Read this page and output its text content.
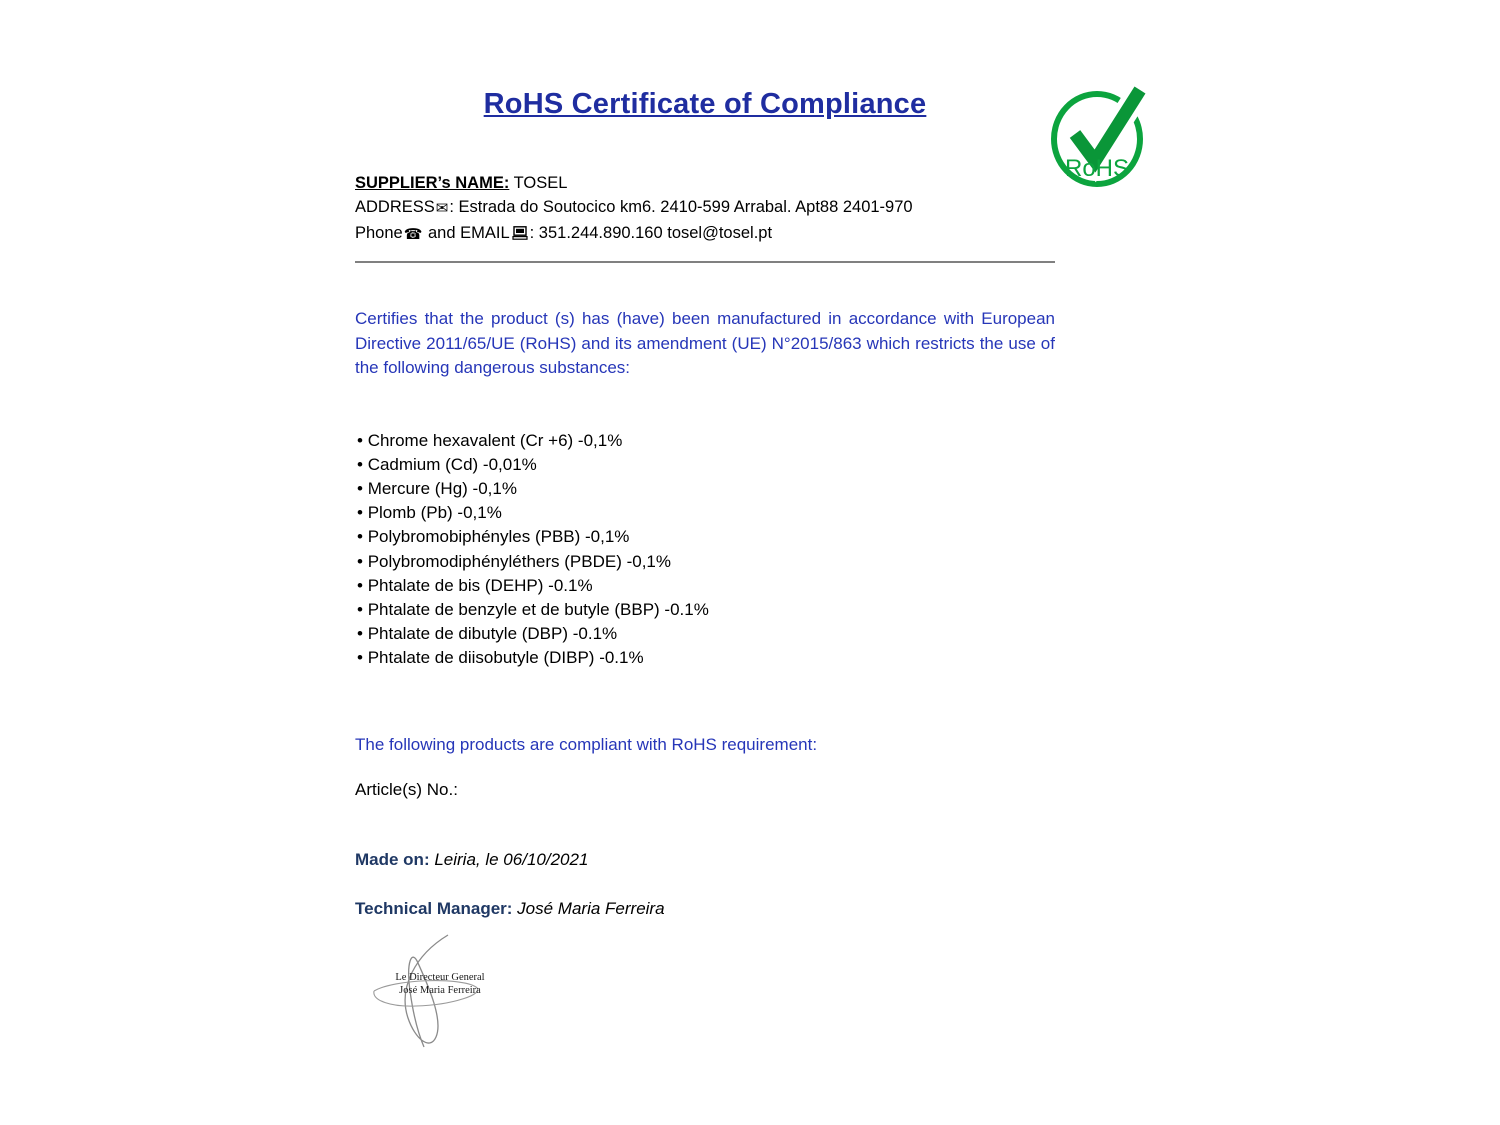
RoHS
RoHS Certificate of Compliance
SUPPLIER’s NAME: TOSEL
ADDRESS✉: Estrada do Soutocico km6. 2410-599 Arrabal. Apt88 2401-970
Phone☎ and EMAIL : 351.244.890.160 tosel@tosel.pt

Certifies that the product (s) has (have) been manufactured in accordance with European Directive 2011/65/UE (RoHS) and its amendment (UE) N°2015/863 which restricts the use of the following dangerous substances:

• Chrome hexavalent (Cr +6) -0,1%
• Cadmium (Cd) -0,01%
• Mercure (Hg) -0,1%
• Plomb (Pb) -0,1%
• Polybromobiphényles (PBB) -0,1%
• Polybromodiphényléthers (PBDE) -0,1%
• Phtalate de bis (DEHP) -0.1%
• Phtalate de benzyle et de butyle (BBP) -0.1%
• Phtalate de dibutyle (DBP) -0.1%
• Phtalate de diisobutyle (DIBP) -0.1%

The following products are compliant with RoHS requirement:

Article(s) No.:

Made on: Leiria, le 06/10/2021
Technical Manager: José Maria Ferreira
Le Directeur General
José Maria Ferreira
